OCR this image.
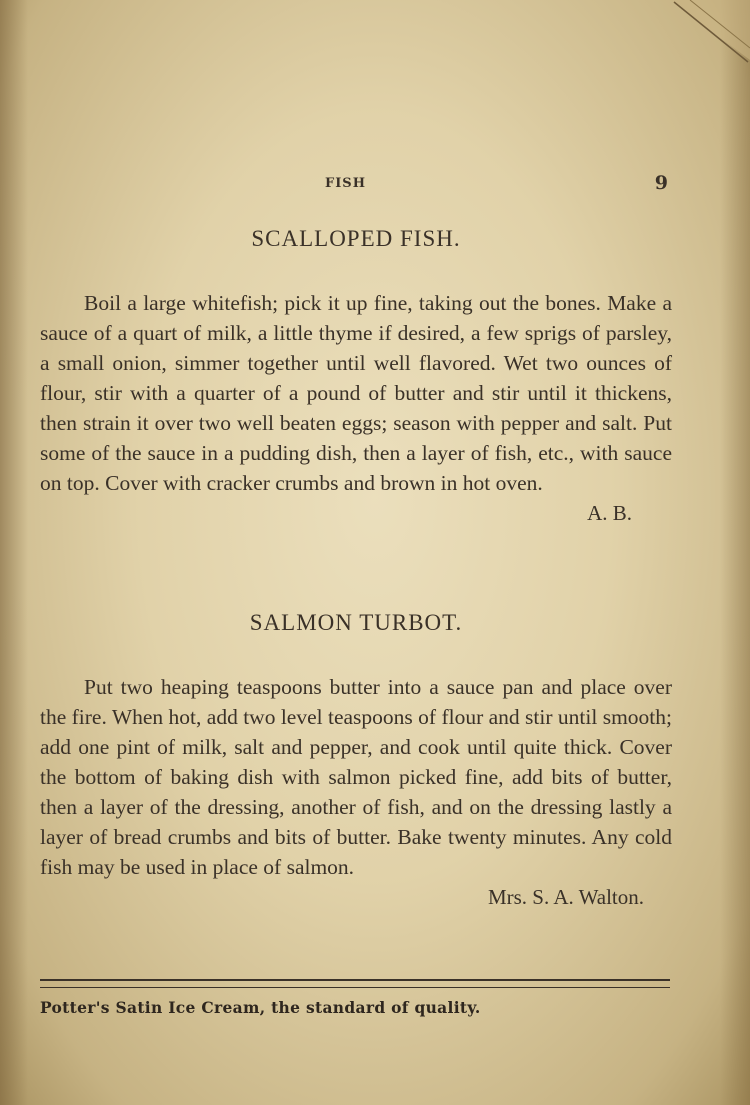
FISH	9
SCALLOPED FISH.

Boil a large whitefish; pick it up fine, taking out the bones. Make a sauce of a quart of milk, a little thyme if desired, a few sprigs of parsley, a small onion, simmer together until well flavored. Wet two ounces of flour, stir with a quarter of a pound of butter and stir until it thickens, then strain it over two well beaten eggs; season with pepper and salt. Put some of the sauce in a pudding dish, then a layer of fish, etc., with sauce on top. Cover with cracker crumbs and brown in hot oven.

A. B.

SALMON TURBOT.

Put two heaping teaspoons butter into a sauce pan and place over the fire. When hot, add two level teaspoons of flour and stir until smooth; add one pint of milk, salt and pepper, and cook until quite thick. Cover the bottom of baking dish with salmon picked fine, add bits of butter, then a layer of the dressing, another of fish, and on the dressing lastly a layer of bread crumbs and bits of butter. Bake twenty minutes. Any cold fish may be used in place of salmon.

Mrs. S. A. Walton.

Potter's Satin Ice Cream, the standard of quality.
